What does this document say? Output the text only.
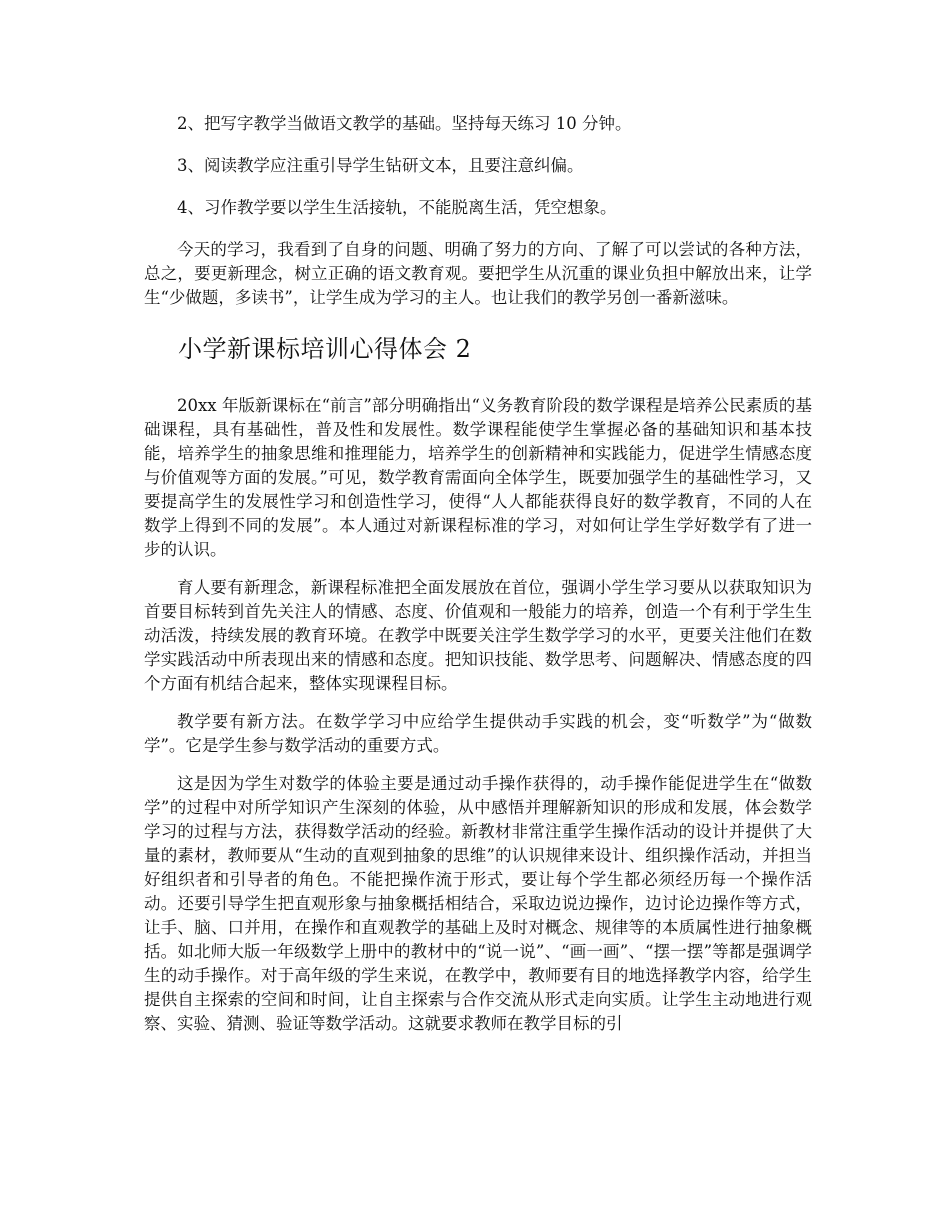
2、把写字教学当做语文教学的基础。坚持每天练习 10 分钟。

3、阅读教学应注重引导学生钻研文本，且要注意纠偏。

4、习作教学要以学生生活接轨，不能脱离生活，凭空想象。

今天的学习，我看到了自身的问题、明确了努力的方向、了解了可以尝试的各种方法，总之，要更新理念，树立正确的语文教育观。要把学生从沉重的课业负担中解放出来，让学生“少做题，多读书”，让学生成为学习的主人。也让我们的教学另创一番新滋味。

小学新课标培训心得体会 2

20xx 年版新课标在“前言”部分明确指出“义务教育阶段的数学课程是培养公民素质的基础课程，具有基础性，普及性和发展性。数学课程能使学生掌握必备的基础知识和基本技能，培养学生的抽象思维和推理能力，培养学生的创新精神和实践能力，促进学生情感态度与价值观等方面的发展。”可见，数学教育需面向全体学生，既要加强学生的基础性学习，又要提高学生的发展性学习和创造性学习，使得“人人都能获得良好的数学教育，不同的人在数学上得到不同的发展”。本人通过对新课程标准的学习，对如何让学生学好数学有了进一步的认识。

育人要有新理念，新课程标准把全面发展放在首位，强调小学生学习要从以获取知识为首要目标转到首先关注人的情感、态度、价值观和一般能力的培养，创造一个有利于学生生动活泼，持续发展的教育环境。在教学中既要关注学生数学学习的水平，更要关注他们在数学实践活动中所表现出来的情感和态度。把知识技能、数学思考、问题解决、情感态度的四个方面有机结合起来，整体实现课程目标。

教学要有新方法。在数学学习中应给学生提供动手实践的机会，变“听数学”为“做数学”。它是学生参与数学活动的重要方式。

这是因为学生对数学的体验主要是通过动手操作获得的，动手操作能促进学生在“做数学”的过程中对所学知识产生深刻的体验，从中感悟并理解新知识的形成和发展，体会数学学习的过程与方法，获得数学活动的经验。新教材非常注重学生操作活动的设计并提供了大量的素材，教师要从“生动的直观到抽象的思维”的认识规律来设计、组织操作活动，并担当好组织者和引导者的角色。不能把操作流于形式，要让每个学生都必须经历每一个操作活动。还要引导学生把直观形象与抽象概括相结合，采取边说边操作，边讨论边操作等方式，让手、脑、口并用，在操作和直观教学的基础上及时对概念、规律等的本质属性进行抽象概括。如北师大版一年级数学上册中的教材中的“说一说”、“画一画”、“摆一摆”等都是强调学生的动手操作。对于高年级的学生来说，在教学中，教师要有目的地选择教学内容，给学生提供自主探索的空间和时间，让自主探索与合作交流从形式走向实质。让学生主动地进行观察、实验、猜测、验证等数学活动。这就要求教师在教学目标的引
